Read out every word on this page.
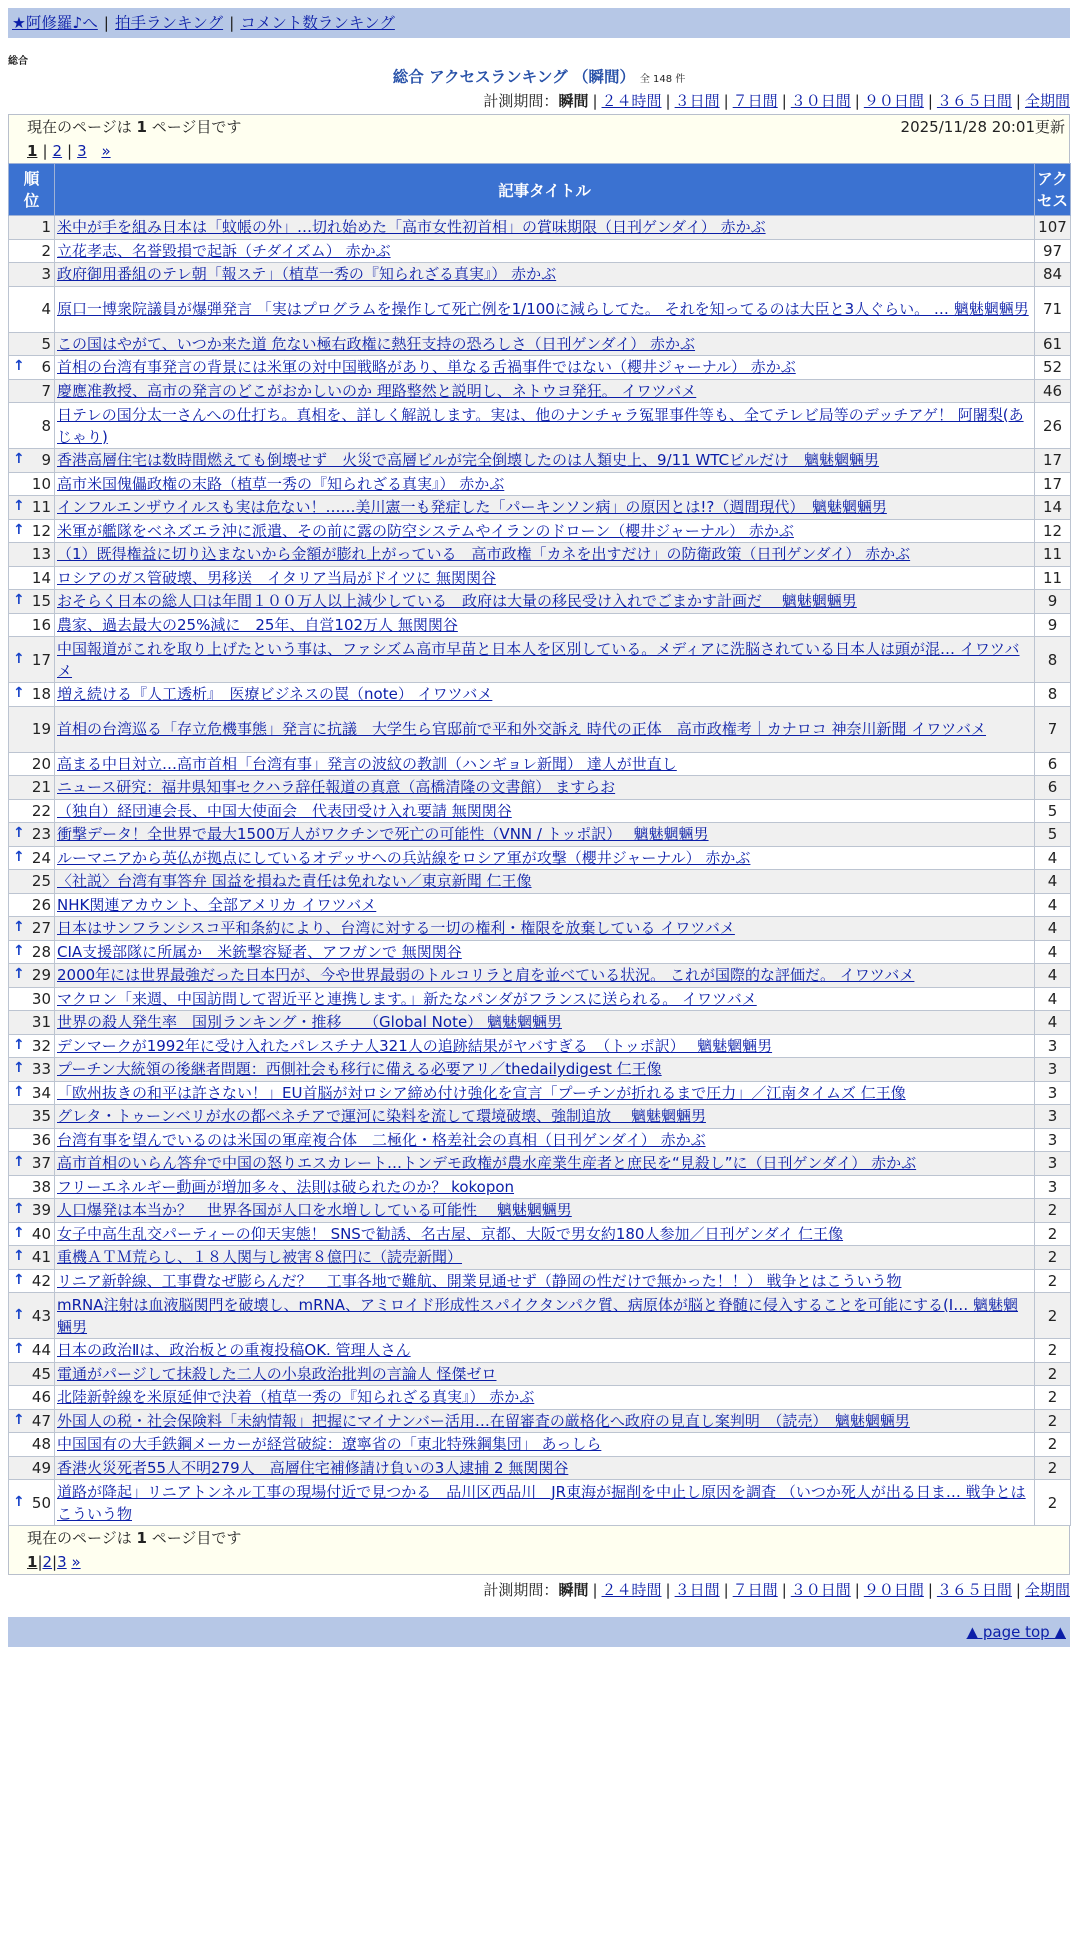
★阿修羅♪へ | 拍手ランキング | コメント数ランキング
総合
総合 アクセスランキング （瞬間） 全 148 件
計測期間：瞬間 | ２４時間 | ３日間 | ７日間 | ３０日間 | ９０日間 | ３６５日間 | 全期間
現在のページは 1 ページ目です	2025/11/28 20:01更新
1 | 2 | 3 »
順位	記事タイトル	アクセス

1	米中が手を組み日本は「蚊帳の外」…切れ始めた「高市女性初首相」の賞味期限（日刊ゲンダイ） 赤かぶ	107
2	立花孝志、名誉毀損で起訴（チダイズム） 赤かぶ	97
3	政府御用番組のテレ朝「報ステ」（植草一秀の『知られざる真実』） 赤かぶ	84
4	原口一博衆院議員が爆弾発言 「実はプログラムを操作して死亡例を1/100に減らしてた。 それを知ってるのは大臣と3人ぐらい。 … 魑魅魍魎男	71
5	この国はやがて、いつか来た道 危ない極右政権に熱狂支持の恐ろしさ（日刊ゲンダイ） 赤かぶ	61

↑ 6	首相の台湾有事発言の背景には米軍の対中国戦略があり、単なる舌禍事件ではない（櫻井ジャーナル） 赤かぶ	52
7	慶應准教授、高市の発言のどこがおかしいのか 理路整然と説明し、ネトウヨ発狂。 イワツバメ	46
8	日テレの国分太一さんへの仕打ち。真相を、詳しく解説します。実は、他のナンチャラ冤罪事件等も、全てテレビ局等のデッチアゲ！ 阿闍梨(あじゃり)	26

↑ 9	香港高層住宅は数時間燃えても倒壊せず　火災で高層ビルが完全倒壊したのは人類史上、9/11 WTCビルだけ　魑魅魍魎男	17
10	高市米国傀儡政権の末路（植草一秀の『知られざる真実』） 赤かぶ	17

↑ 11	インフルエンザウイルスも実は危ない！……美川憲一も発症した「パーキンソン病」の原因とは!?（週間現代）　魑魅魍魎男	14

↑ 12	米軍が艦隊をベネズエラ沖に派遣、その前に露の防空システムやイランのドローン（櫻井ジャーナル） 赤かぶ	12
13	（1）既得権益に切り込まないから金額が膨れ上がっている　高市政権「カネを出すだけ」の防衛政策（日刊ゲンダイ） 赤かぶ	11
14	ロシアのガス管破壊、男移送　イタリア当局がドイツに 無関関谷	11

↑ 15	おそらく日本の総人口は年間１００万人以上減少している　政府は大量の移民受け入れでごまかす計画だ　 魑魅魍魎男	9
16	農家、過去最大の25%減に　25年、自営102万人 無関関谷	9

↑ 17	中国報道がこれを取り上げたという事は、ファシズム高市早苗と日本人を区別している。メディアに洗脳されている日本人は頭が混… イワツバメ	8

↑ 18	増え続ける『人工透析』　医療ビジネスの罠（note） イワツバメ	8
19	首相の台湾巡る「存立危機事態」発言に抗議　大学生ら官邸前で平和外交訴え 時代の正体　高市政権考｜カナロコ 神奈川新聞 イワツバメ	7
20	高まる中日対立…高市首相「台湾有事」発言の波紋の教訓（ハンギョレ新聞） 達人が世直し	6
21	ニュース研究：福井県知事セクハラ辞任報道の真意（高橋清隆の文書館） ますらお	6
22	（独自）経団連会長、中国大使面会　代表団受け入れ要請 無関関谷	5

↑ 23	衝撃データ！全世界で最大1500万人がワクチンで死亡の可能性（VNN / トッポ訳）　 魑魅魍魎男	5

↑ 24	ルーマニアから英仏が拠点にしているオデッサへの兵站線をロシア軍が攻撃（櫻井ジャーナル） 赤かぶ	4
25	〈社説〉台湾有事答弁 国益を損ねた責任は免れない／東京新聞 仁王像	4
26	NHK関連アカウント、全部アメリカ イワツバメ	4

↑ 27	日本はサンフランシスコ平和条約により、台湾に対する一切の権利・権限を放棄している イワツバメ	4

↑ 28	CIA支援部隊に所属か　米銃撃容疑者、アフガンで 無関関谷	4

↑ 29	2000年には世界最強だった日本円が、今や世界最弱のトルコリラと肩を並べている状況。 これが国際的な評価だ。 イワツバメ	4
30	マクロン「来週、中国訪問して習近平と連携します。」新たなパンダがフランスに送られる。 イワツバメ	4
31	世界の殺人発生率　国別ランキング・推移　　（Global Note） 魑魅魍魎男	4

↑ 32	デンマークが1992年に受け入れたパレスチナ人321人の追跡結果がヤバすぎる　（トッポ訳）　 魑魅魍魎男	3

↑ 33	プーチン大統領の後継者問題：西側社会も移行に備える必要アリ／thedailydigest 仁王像	3

↑ 34	「欧州抜きの和平は許さない！」EU首脳が対ロシア締め付け強化を宣言「プーチンが折れるまで圧力」／江南タイムズ 仁王像	3
35	グレタ・トゥーンベリが水の都ベネチアで運河に染料を流して環境破壊、強制追放　 魑魅魍魎男	3
36	台湾有事を望んでいるのは米国の軍産複合体　二極化・格差社会の真相（日刊ゲンダイ） 赤かぶ	3

↑ 37	高市首相のいらん答弁で中国の怒りエスカレート…トンデモ政権が農水産業生産者と庶民を“見殺し”に（日刊ゲンダイ） 赤かぶ	3
38	フリーエネルギー動画が増加多々、法則は破られたのか？ kokopon	3

↑ 39	人口爆発は本当か？　世界各国が人口を水増ししている可能性　 魑魅魍魎男	2

↑ 40	女子中高生乱交パーティーの仰天実態！ SNSで勧誘、名古屋、京都、大阪で男女約180人参加／日刊ゲンダイ 仁王像	2

↑ 41	重機ＡＴＭ荒らし、１８人関与し被害８億円に（読売新聞）	2

↑ 42	リニア新幹線、工事費なぜ膨らんだ？　工事各地で難航、開業見通せず（静岡の性だけで無かった！！） 戦争とはこういう物	2

↑ 43	mRNA注射は血液脳関門を破壊し、mRNA、アミロイド形成性スパイクタンパク質、病原体が脳と脊髄に侵入することを可能にする(I… 魑魅魍魎男	2

↑ 44	日本の政治Ⅱは、政治板との重複投稿OK. 管理人さん	2
45	電通がパージして抹殺した二人の小泉政治批判の言論人 怪傑ゼロ	2
46	北陸新幹線を米原延伸で決着（植草一秀の『知られざる真実』） 赤かぶ	2

↑ 47	外国人の税・社会保険料「未納情報」把握にマイナンバー活用…在留審査の厳格化へ政府の見直し案判明　（読売）　魑魅魍魎男	2
48	中国国有の大手鉄鋼メーカーが経営破綻：遼寧省の「東北特殊鋼集団」 あっしら	2
49	香港火災死者55人不明279人　高層住宅補修請け負いの3人逮捕 2 無関関谷	2

↑ 50	道路が降起」リニアトンネル工事の現場付近で見つかる　品川区西品川　JR東海が掘削を中止し原因を調査 （いつか死人が出る日ま… 戦争とはこういう物	2
現在のページは 1 ページ目です
1|2|3 »
計測期間：瞬間 | ２４時間 | ３日間 | ７日間 | ３０日間 | ９０日間 | ３６５日間 | 全期間
▲ page top ▲
